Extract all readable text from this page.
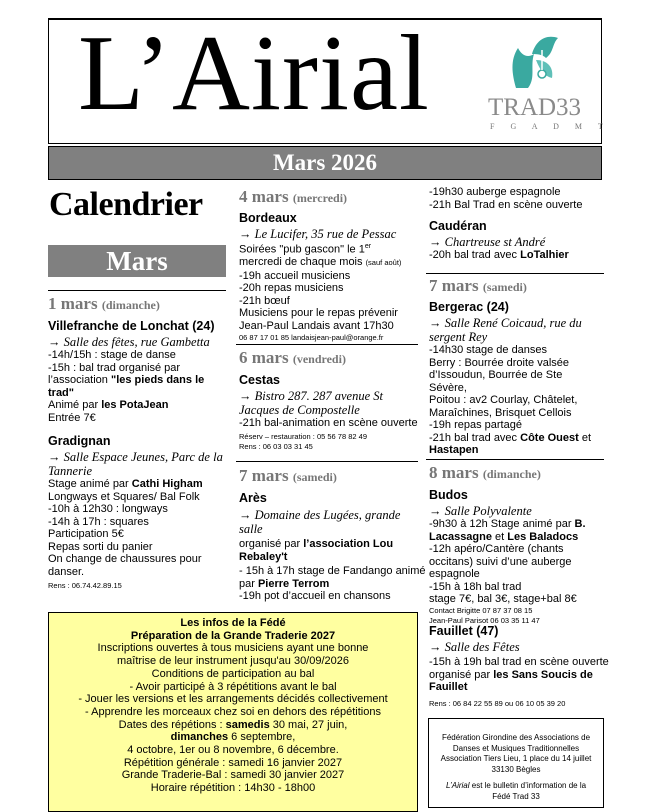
L’Airial TRAD33
F G A D M T
Mars 2026
Calendrier
Mars
1 mars (dimanche)
Villefranche de Lonchat (24)
→ Salle des fêtes, rue Gambetta
-14h/15h : stage de danse
-15h : bal trad organisé par
l’association "les pieds dans le trad"
Animé par les PotaJean
Entrée 7€
Gradignan
→ Salle Espace Jeunes, Parc de la Tannerie
Stage animé par Cathi Higham
Longways et Squares/ Bal Folk
-10h à 12h30 : longways
-14h à 17h : squares
Participation 5€
Repas sorti du panier
On change de chaussures pour danser.
Rens : 06.74.42.89.15
4 mars (mercredi)
Bordeaux
→ Le Lucifer, 35 rue de Pessac
Soirées "pub gascon" le 1er
mercredi de chaque mois (sauf août)
-19h accueil musiciens
-20h repas musiciens
-21h bœuf
Musiciens pour le repas prévenir
Jean-Paul Landais avant 17h30
06 87 17 01 85 landaisjean-paul@orange.fr
6 mars (vendredi)
Cestas
→ Bistro 287. 287 avenue St Jacques de Compostelle
-21h bal-animation en scène ouverte
Réserv – restauration : 05 56 78 82 49
Rens : 06 03 03 31 45
7 mars (samedi)
Arès
→ Domaine des Lugées, grande salle
organisé par l’association Lou Rebaley't
- 15h à 17h stage de Fandango animé
par Pierre Terrom
-19h pot d’accueil en chansons
-19h30 auberge espagnole
-21h Bal Trad en scène ouverte
Caudéran
→ Chartreuse st André
-20h bal trad avec LoTalhier
7 mars (samedi)
Bergerac (24)
→ Salle René Coicaud, rue du sergent Rey
-14h30 stage de danses
Berry : Bourrée droite valsée
d’Issoudun, Bourrée de Ste
Sévère,
Poitou : av2 Courlay, Châtelet,
Maraîchines, Brisquet Cellois
-19h repas partagé
-21h bal trad avec Côte Ouest et
Hastapen
8 mars (dimanche)
Budos
→ Salle Polyvalente
-9h30 à 12h Stage animé par B.
Lacassagne et Les Baladocs
-12h apéro/Cantère (chants
occitans) suivi d’une auberge
espagnole
-15h à 18h bal trad
stage 7€, bal 3€, stage+bal 8€
Contact Brigitte 07 87 37 08 15
Jean-Paul Parisot 06 03 35 11 47
Fauillet (47)
→ Salle des Fêtes
-15h à 19h bal trad en scène ouverte
organisé par les Sans Soucis de
Fauillet
Rens : 06 84 22 55 89 ou 06 10 05 39 20
Les infos de la Fédé
Préparation de la Grande Traderie 2027
Inscriptions ouvertes à tous musiciens ayant une bonne
maîtrise de leur instrument jusqu'au 30/09/2026
Conditions de participation au bal
- Avoir participé à 3 répétitions avant le bal
- Jouer les versions et les arrangements décidés collectivement
- Apprendre les morceaux chez soi en dehors des répétitions
Dates des répétions : samedis 30 mai, 27 juin,
dimanches 6 septembre,
4 octobre, 1er ou 8 novembre, 6 décembre.
Répétition générale : samedi 16 janvier 2027
Grande Traderie-Bal : samedi 30 janvier 2027
Horaire répétition : 14h30 - 18h00
Fédération Girondine des Associations de
Danses et Musiques Traditionnelles
Association Tiers Lieu, 1 place du 14 juillet
33130 Bègles
L’Airial est le bulletin d’information de la
Fédé Trad 33
